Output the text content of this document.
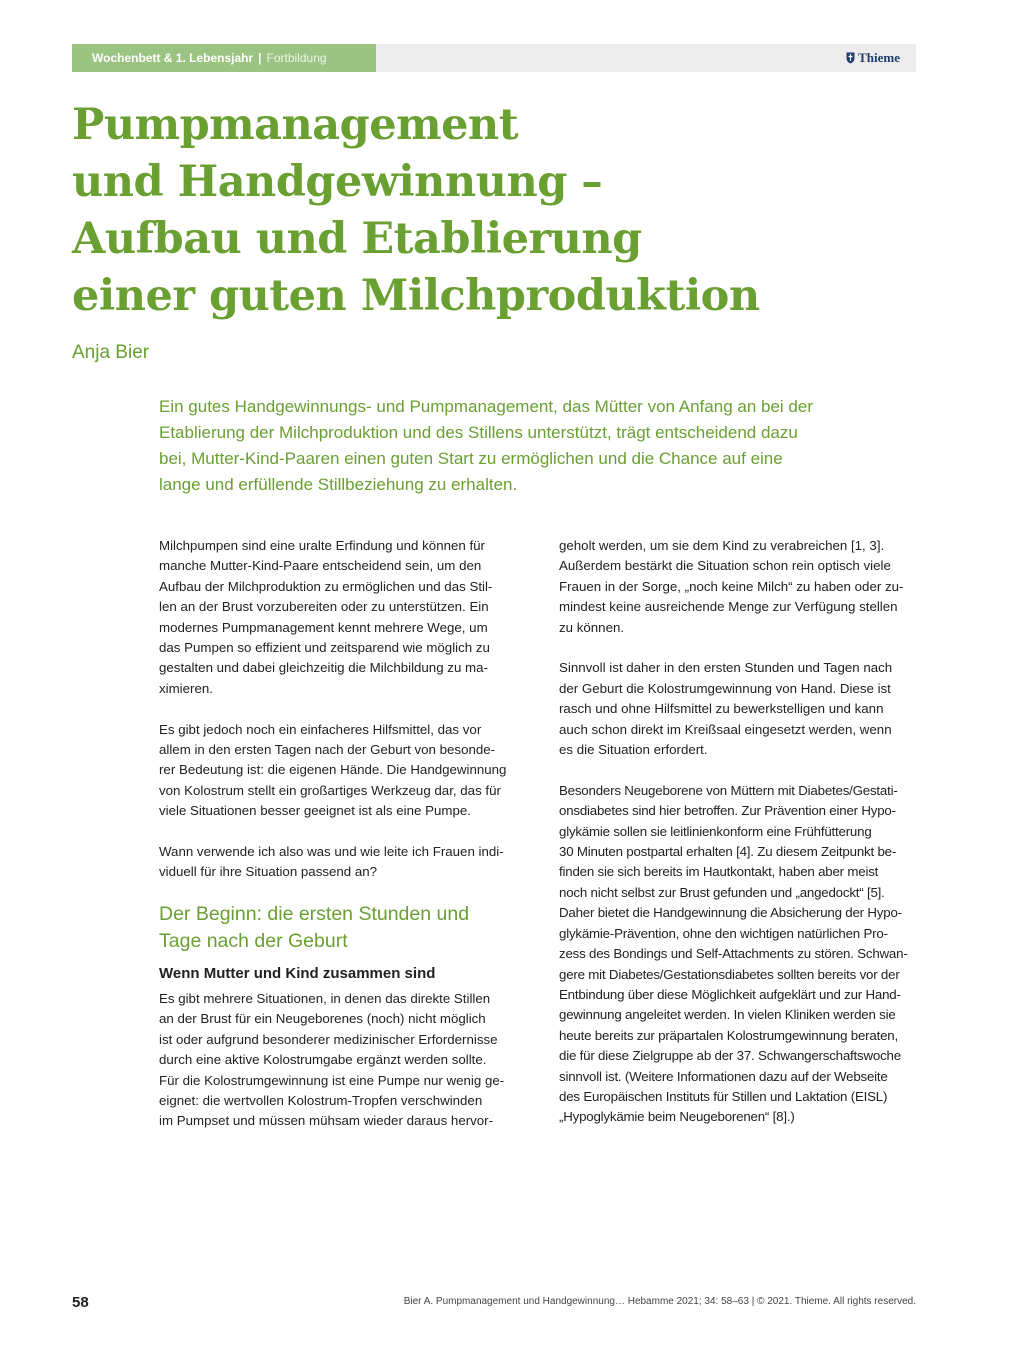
Wochenbett & 1. Lebensjahr | Fortbildung	Thieme
Pumpmanagement
und Handgewinnung –
Aufbau und Etablierung
einer guten Milchproduktion
Anja Bier

Ein gutes Handgewinnungs- und Pumpmanagement, das Mütter von Anfang an bei der
Etablierung der Milchproduktion und des Stillens unterstützt, trägt entscheidend dazu
bei, Mutter-Kind-Paaren einen guten Start zu ermöglichen und die Chance auf eine
lange und erfüllende Stillbeziehung zu erhalten.

Milchpumpen sind eine uralte Erfindung und können für
manche Mutter-Kind-Paare entscheidend sein, um den
Aufbau der Milchproduktion zu ermöglichen und das Stil-
len an der Brust vorzubereiten oder zu unterstützen. Ein
modernes Pumpmanagement kennt mehrere Wege, um
das Pumpen so effizient und zeitsparend wie möglich zu
gestalten und dabei gleichzeitig die Milchbildung zu ma-
ximieren.

Es gibt jedoch noch ein einfacheres Hilfsmittel, das vor
allem in den ersten Tagen nach der Geburt von besonde-
rer Bedeutung ist: die eigenen Hände. Die Handgewinnung
von Kolostrum stellt ein großartiges Werkzeug dar, das für
viele Situationen besser geeignet ist als eine Pumpe.

Wann verwende ich also was und wie leite ich Frauen indi-
viduell für ihre Situation passend an?

Der Beginn: die ersten Stunden und
Tage nach der Geburt
Wenn Mutter und Kind zusammen sind

Es gibt mehrere Situationen, in denen das direkte Stillen
an der Brust für ein Neugeborenes (noch) nicht möglich
ist oder aufgrund besonderer medizinischer Erfordernisse
durch eine aktive Kolostrumgabe ergänzt werden sollte.
Für die Kolostrumgewinnung ist eine Pumpe nur wenig ge-
eignet: die wertvollen Kolostrum-Tropfen verschwinden
im Pumpset und müssen mühsam wieder daraus hervor-

geholt werden, um sie dem Kind zu verabreichen [1, 3].
Außerdem bestärkt die Situation schon rein optisch viele
Frauen in der Sorge, „noch keine Milch“ zu haben oder zu-
mindest keine ausreichende Menge zur Verfügung stellen
zu können.

Sinnvoll ist daher in den ersten Stunden und Tagen nach
der Geburt die Kolostrumgewinnung von Hand. Diese ist
rasch und ohne Hilfsmittel zu bewerkstelligen und kann
auch schon direkt im Kreißsaal eingesetzt werden, wenn
es die Situation erfordert.

Besonders Neugeborene von Müttern mit Diabetes/Gestati-
onsdiabetes sind hier betroffen. Zur Prävention einer Hypo-
glykämie sollen sie leitlinienkonform eine Frühfütterung
30 Minuten postpartal erhalten [4]. Zu diesem Zeitpunkt be-
finden sie sich bereits im Hautkontakt, haben aber meist
noch nicht selbst zur Brust gefunden und „angedockt“ [5].
Daher bietet die Handgewinnung die Absicherung der Hypo-
glykämie-Prävention, ohne den wichtigen natürlichen Pro-
zess des Bondings und Self-Attachments zu stören. Schwan-
gere mit Diabetes/Gestationsdiabetes sollten bereits vor der
Entbindung über diese Möglichkeit aufgeklärt und zur Hand-
gewinnung angeleitet werden. In vielen Kliniken werden sie
heute bereits zur präpartalen Kolostrumgewinnung beraten,
die für diese Zielgruppe ab der 37. Schwangerschaftswoche
sinnvoll ist. (Weitere Informationen dazu auf der Webseite
des Europäischen Instituts für Stillen und Laktation (EISL)
„Hypoglykämie beim Neugeborenen“ [8].)

58	Bier A. Pumpmanagement und Handgewinnung… Hebamme 2021; 34: 58–63 | © 2021. Thieme. All rights reserved.
